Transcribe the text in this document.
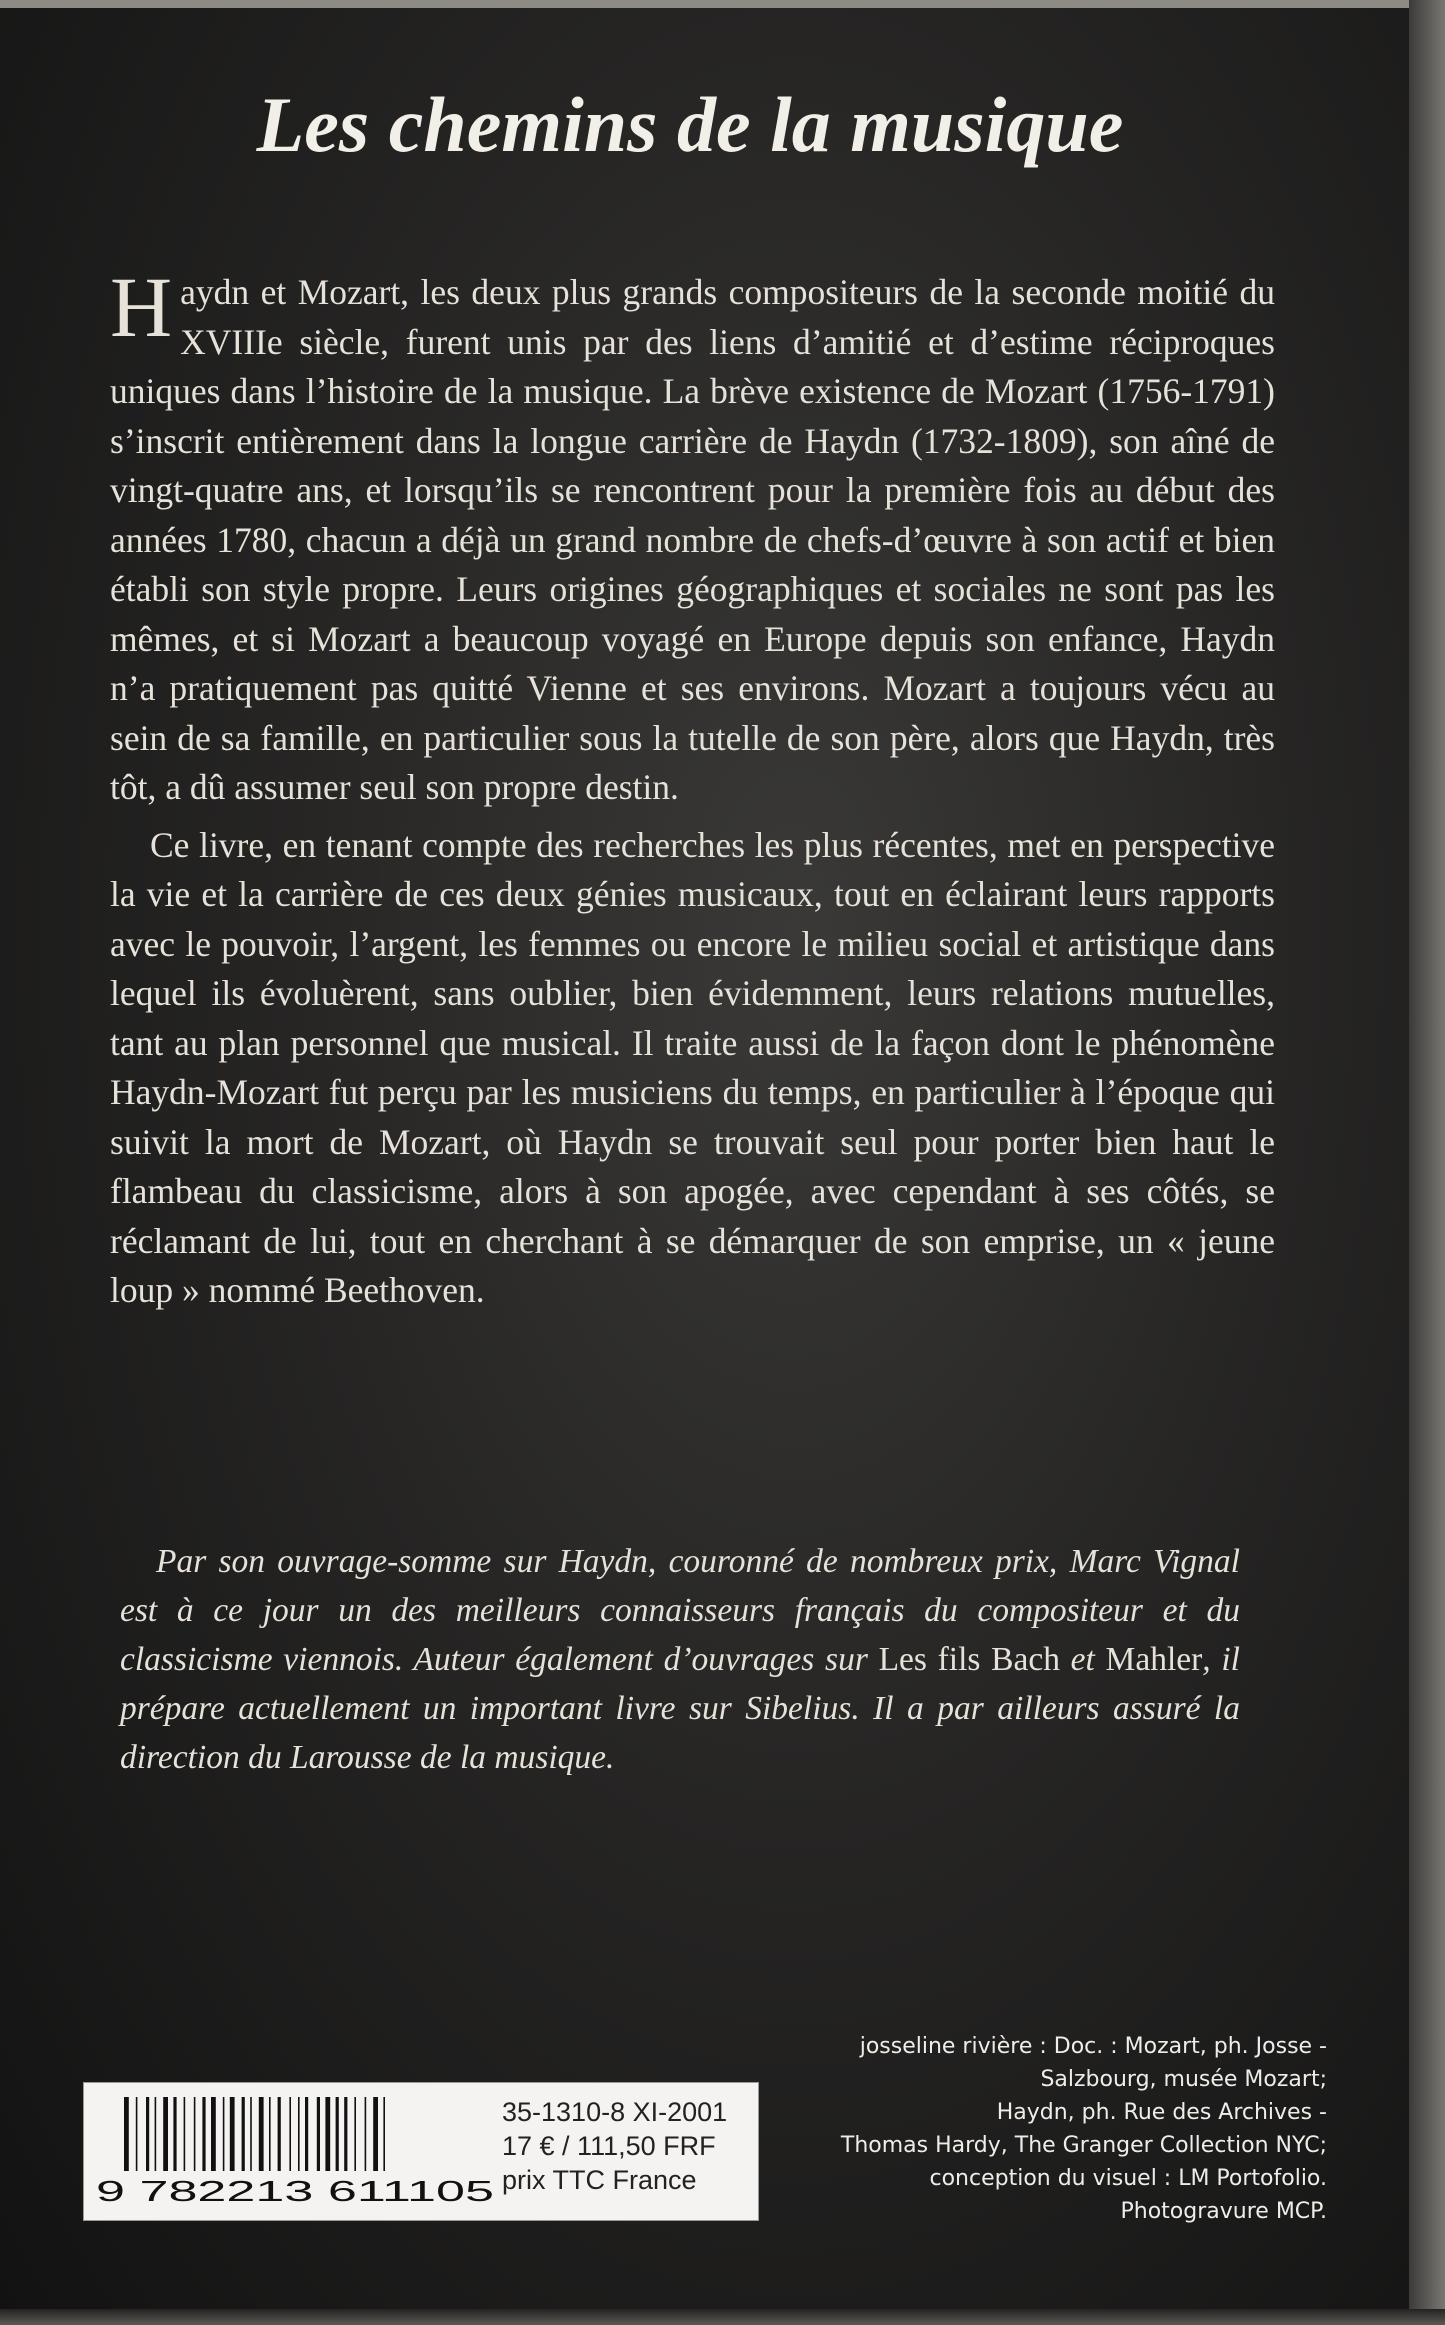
Les chemins de la musique

Haydn et Mozart, les deux plus grands compositeurs de la seconde moitié du XVIIIe siècle, furent unis par des liens d’amitié et d’estime réciproques uniques dans l’histoire de la musique. La brève existence de Mozart (1756-1791) s’inscrit entièrement dans la longue carrière de Haydn (1732-1809), son aîné de vingt-quatre ans, et lorsqu’ils se rencontrent pour la première fois au début des années 1780, chacun a déjà un grand nombre de chefs-d’œuvre à son actif et bien établi son style propre. Leurs origines géographiques et sociales ne sont pas les mêmes, et si Mozart a beaucoup voyagé en Europe depuis son enfance, Haydn n’a pratiquement pas quitté Vienne et ses environs. Mozart a toujours vécu au sein de sa famille, en particulier sous la tutelle de son père, alors que Haydn, très tôt, a dû assumer seul son propre destin.

Ce livre, en tenant compte des recherches les plus récentes, met en perspective la vie et la carrière de ces deux génies musicaux, tout en éclairant leurs rapports avec le pouvoir, l’argent, les femmes ou encore le milieu social et artistique dans lequel ils évoluèrent, sans oublier, bien évidemment, leurs relations mutuelles, tant au plan personnel que musical. Il traite aussi de la façon dont le phénomène Haydn-Mozart fut perçu par les musiciens du temps, en particulier à l’époque qui suivit la mort de Mozart, où Haydn se trouvait seul pour porter bien haut le flambeau du classicisme, alors à son apogée, avec cependant à ses côtés, se réclamant de lui, tout en cherchant à se démarquer de son emprise, un « jeune loup » nommé Beethoven.

Par son ouvrage-somme sur Haydn, couronné de nombreux prix, Marc Vignal est à ce jour un des meilleurs connaisseurs français du compositeur et du classicisme viennois. Auteur également d’ouvrages sur Les fils Bach et Mahler, il prépare actuellement un important livre sur Sibelius. Il a par ailleurs assuré la direction du Larousse de la musique.

9 782213 611105
35-1310-8 XI-2001
17 € / 111,50 FRF
prix TTC France
josseline rivière : Doc. : Mozart, ph. Josse -
Salzbourg, musée Mozart;
Haydn, ph. Rue des Archives -
Thomas Hardy, The Granger Collection NYC;
conception du visuel : LM Portofolio.
Photogravure MCP.
